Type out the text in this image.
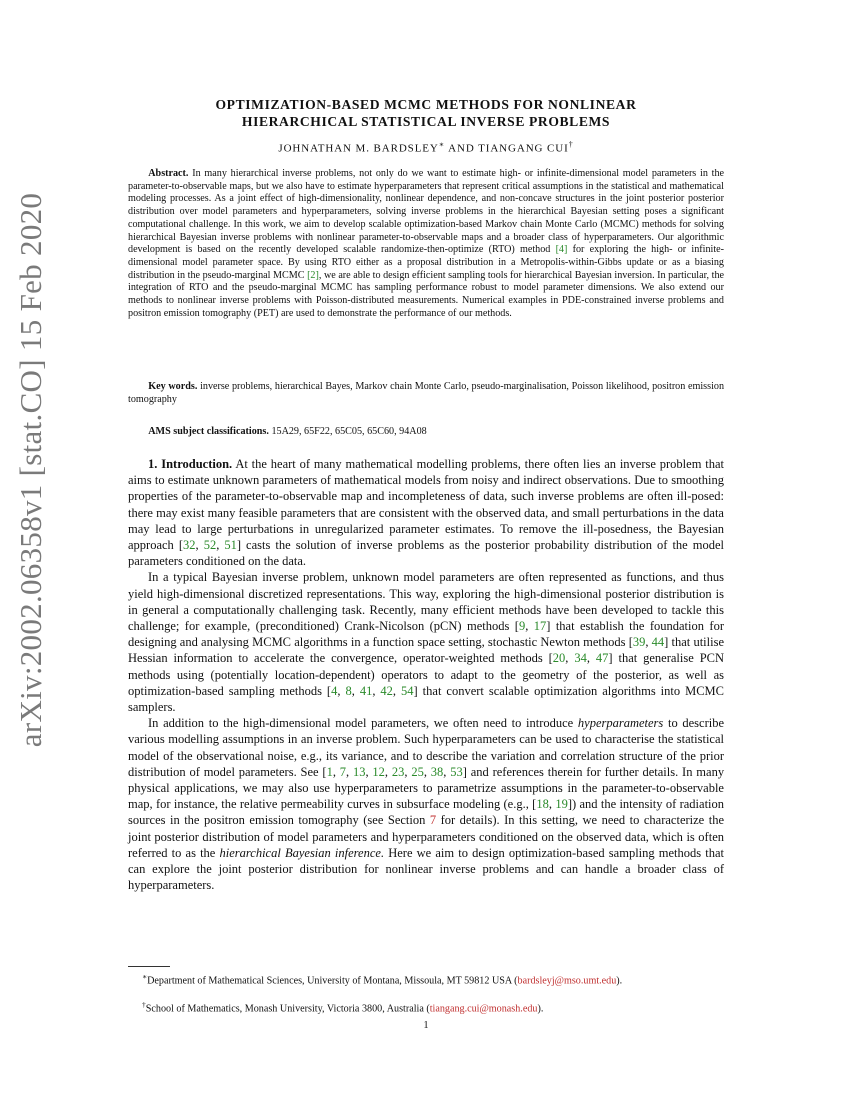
arXiv:2002.06358v1 [stat.CO] 15 Feb 2020
OPTIMIZATION-BASED MCMC METHODS FOR NONLINEAR
HIERARCHICAL STATISTICAL INVERSE PROBLEMS
JOHNATHAN M. BARDSLEY∗ AND TIANGANG CUI†

  Abstract. In many hierarchical inverse problems, not only do we want to estimate high- or infinite-dimensional model parameters in the parameter-to-observable maps, but we also have to estimate hyperparameters that represent critical assumptions in the statistical and mathematical modeling processes. As a joint effect of high-dimensionality, nonlinear dependence, and non-concave structures in the joint posterior posterior distribution over model parameters and hyperparameters, solving inverse problems in the hierarchical Bayesian setting poses a significant computational challenge. In this work, we aim to develop scalable optimization-based Markov chain Monte Carlo (MCMC) methods for solving hierarchical Bayesian inverse problems with nonlinear parameter-to-observable maps and a broader class of hyperparameters. Our algorithmic development is based on the recently developed scalable randomize-then-optimize (RTO) method [4] for exploring the high- or infinite-dimensional model parameter space. By using RTO either as a proposal distribution in a Metropolis-within-Gibbs update or as a biasing distribution in the pseudo-marginal MCMC [2], we are able to design efficient sampling tools for hierarchical Bayesian inversion. In particular, the integration of RTO and the pseudo-marginal MCMC has sampling performance robust to model parameter dimensions. We also extend our methods to nonlinear inverse problems with Poisson-distributed measurements. Numerical examples in PDE-constrained inverse problems and positron emission tomography (PET) are used to demonstrate the performance of our methods.

  Key words. inverse problems, hierarchical Bayes, Markov chain Monte Carlo, pseudo-marginalisation, Poisson likelihood, positron emission tomography

  AMS subject classifications. 15A29, 65F22, 65C05, 65C60, 94A08

1. Introduction. At the heart of many mathematical modelling problems, there often lies an inverse problem that aims to estimate unknown parameters of mathematical models from noisy and indirect observations. Due to smoothing properties of the parameter-to-observable map and incompleteness of data, such inverse problems are often ill-posed: there may exist many feasible parameters that are consistent with the observed data, and small perturbations in the data may lead to large perturbations in unregularized parameter estimates. To remove the ill-posedness, the Bayesian approach [32, 52, 51] casts the solution of inverse problems as the posterior probability distribution of the model parameters conditioned on the data.

In a typical Bayesian inverse problem, unknown model parameters are often represented as functions, and thus yield high-dimensional discretized representations. This way, exploring the high-dimensional posterior distribution is in general a computationally challenging task. Recently, many efficient methods have been developed to tackle this challenge; for example, (preconditioned) Crank-Nicolson (pCN) methods [9, 17] that establish the foundation for designing and analysing MCMC algorithms in a function space setting, stochastic Newton methods [39, 44] that utilise Hessian information to accelerate the convergence, operator-weighted methods [20, 34, 47] that generalise PCN methods using (potentially location-dependent) operators to adapt to the geometry of the posterior, as well as optimization-based sampling methods [4, 8, 41, 42, 54] that convert scalable optimization algorithms into MCMC samplers.

In addition to the high-dimensional model parameters, we often need to introduce hyperparameters to describe various modelling assumptions in an inverse problem. Such hyperparameters can be used to characterise the statistical model of the observational noise, e.g., its variance, and to describe the variation and correlation structure of the prior distribution of model parameters. See [1, 7, 13, 12, 23, 25, 38, 53] and references therein for further details. In many physical applications, we may also use hyperparameters to parametrize assumptions in the parameter-to-observable map, for instance, the relative permeability curves in subsurface modeling (e.g., [18, 19]) and the intensity of radiation sources in the positron emission tomography (see Section 7 for details). In this setting, we need to characterize the joint posterior distribution of model parameters and hyperparameters conditioned on the observed data, which is often referred to as the hierarchical Bayesian inference. Here we aim to design optimization-based sampling methods that can explore the joint posterior distribution for nonlinear inverse problems and can handle a broader class of hyperparameters.

∗Department of Mathematical Sciences, University of Montana, Missoula, MT 59812 USA (bardsleyj@mso.umt.edu).

†School of Mathematics, Monash University, Victoria 3800, Australia (tiangang.cui@monash.edu).

1
